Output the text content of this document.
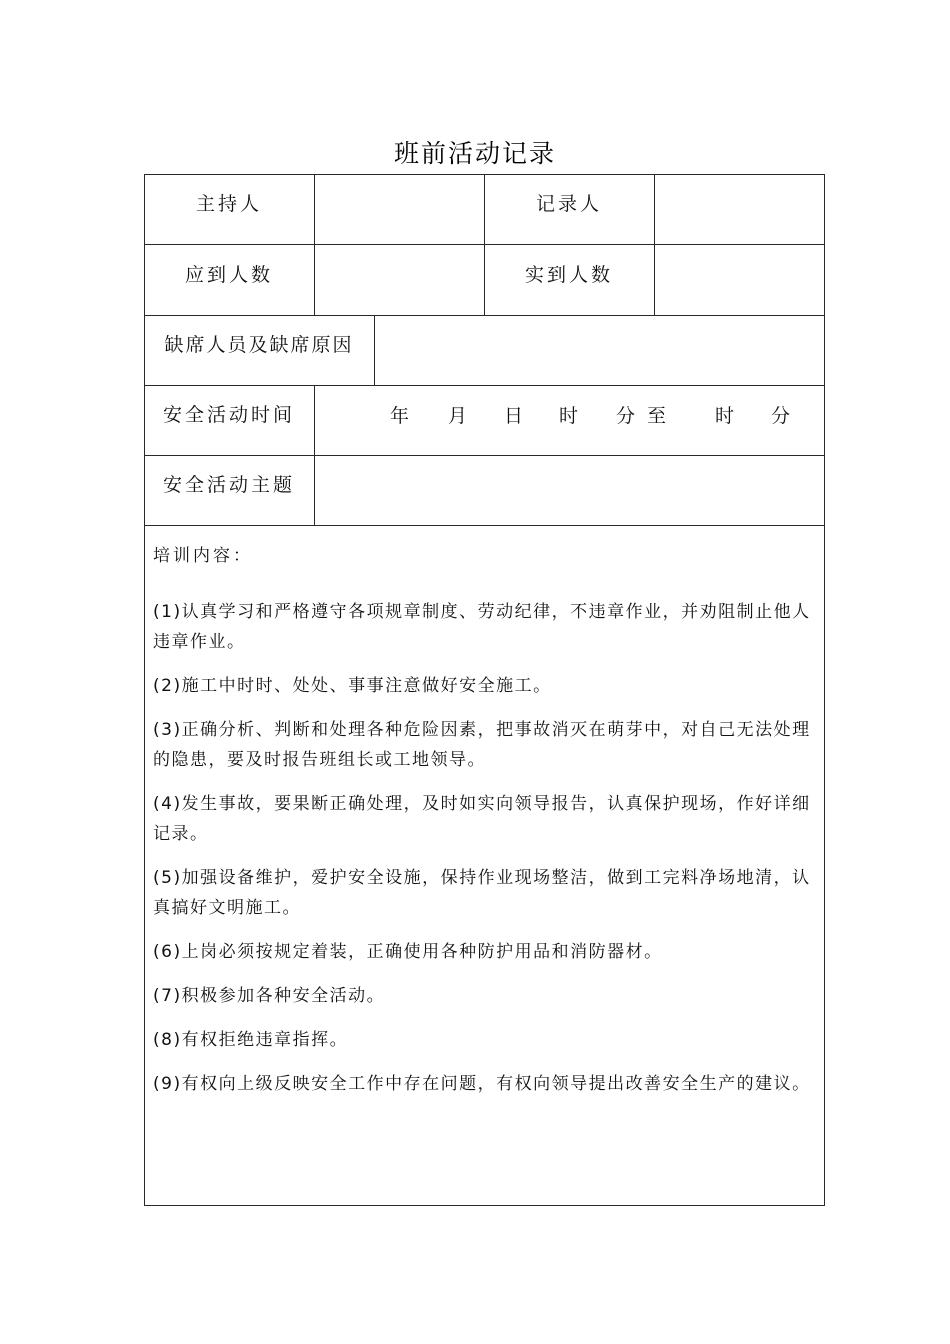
班前活动记录
主持人	记录人
应到人数	实到人数
缺席人员及缺席原因
安全活动时间	年 月 日 时 分 至	时 分
安全活动主题
培训内容：
(1)认真学习和严格遵守各项规章制度、劳动纪律，不违章作业，并劝阻制止他人违章作业。
(2)施工中时时、处处、事事注意做好安全施工。
(3)正确分析、判断和处理各种危险因素，把事故消灭在萌芽中，对自己无法处理的隐患，要及时报告班组长或工地领导。
(4)发生事故，要果断正确处理，及时如实向领导报告，认真保护现场，作好详细记录。
(5)加强设备维护，爱护安全设施，保持作业现场整洁，做到工完料净场地清，认真搞好文明施工。
(6)上岗必须按规定着装，正确使用各种防护用品和消防器材。
(7)积极参加各种安全活动。
(8)有权拒绝违章指挥。
(9)有权向上级反映安全工作中存在问题，有权向领导提出改善安全生产的建议。
